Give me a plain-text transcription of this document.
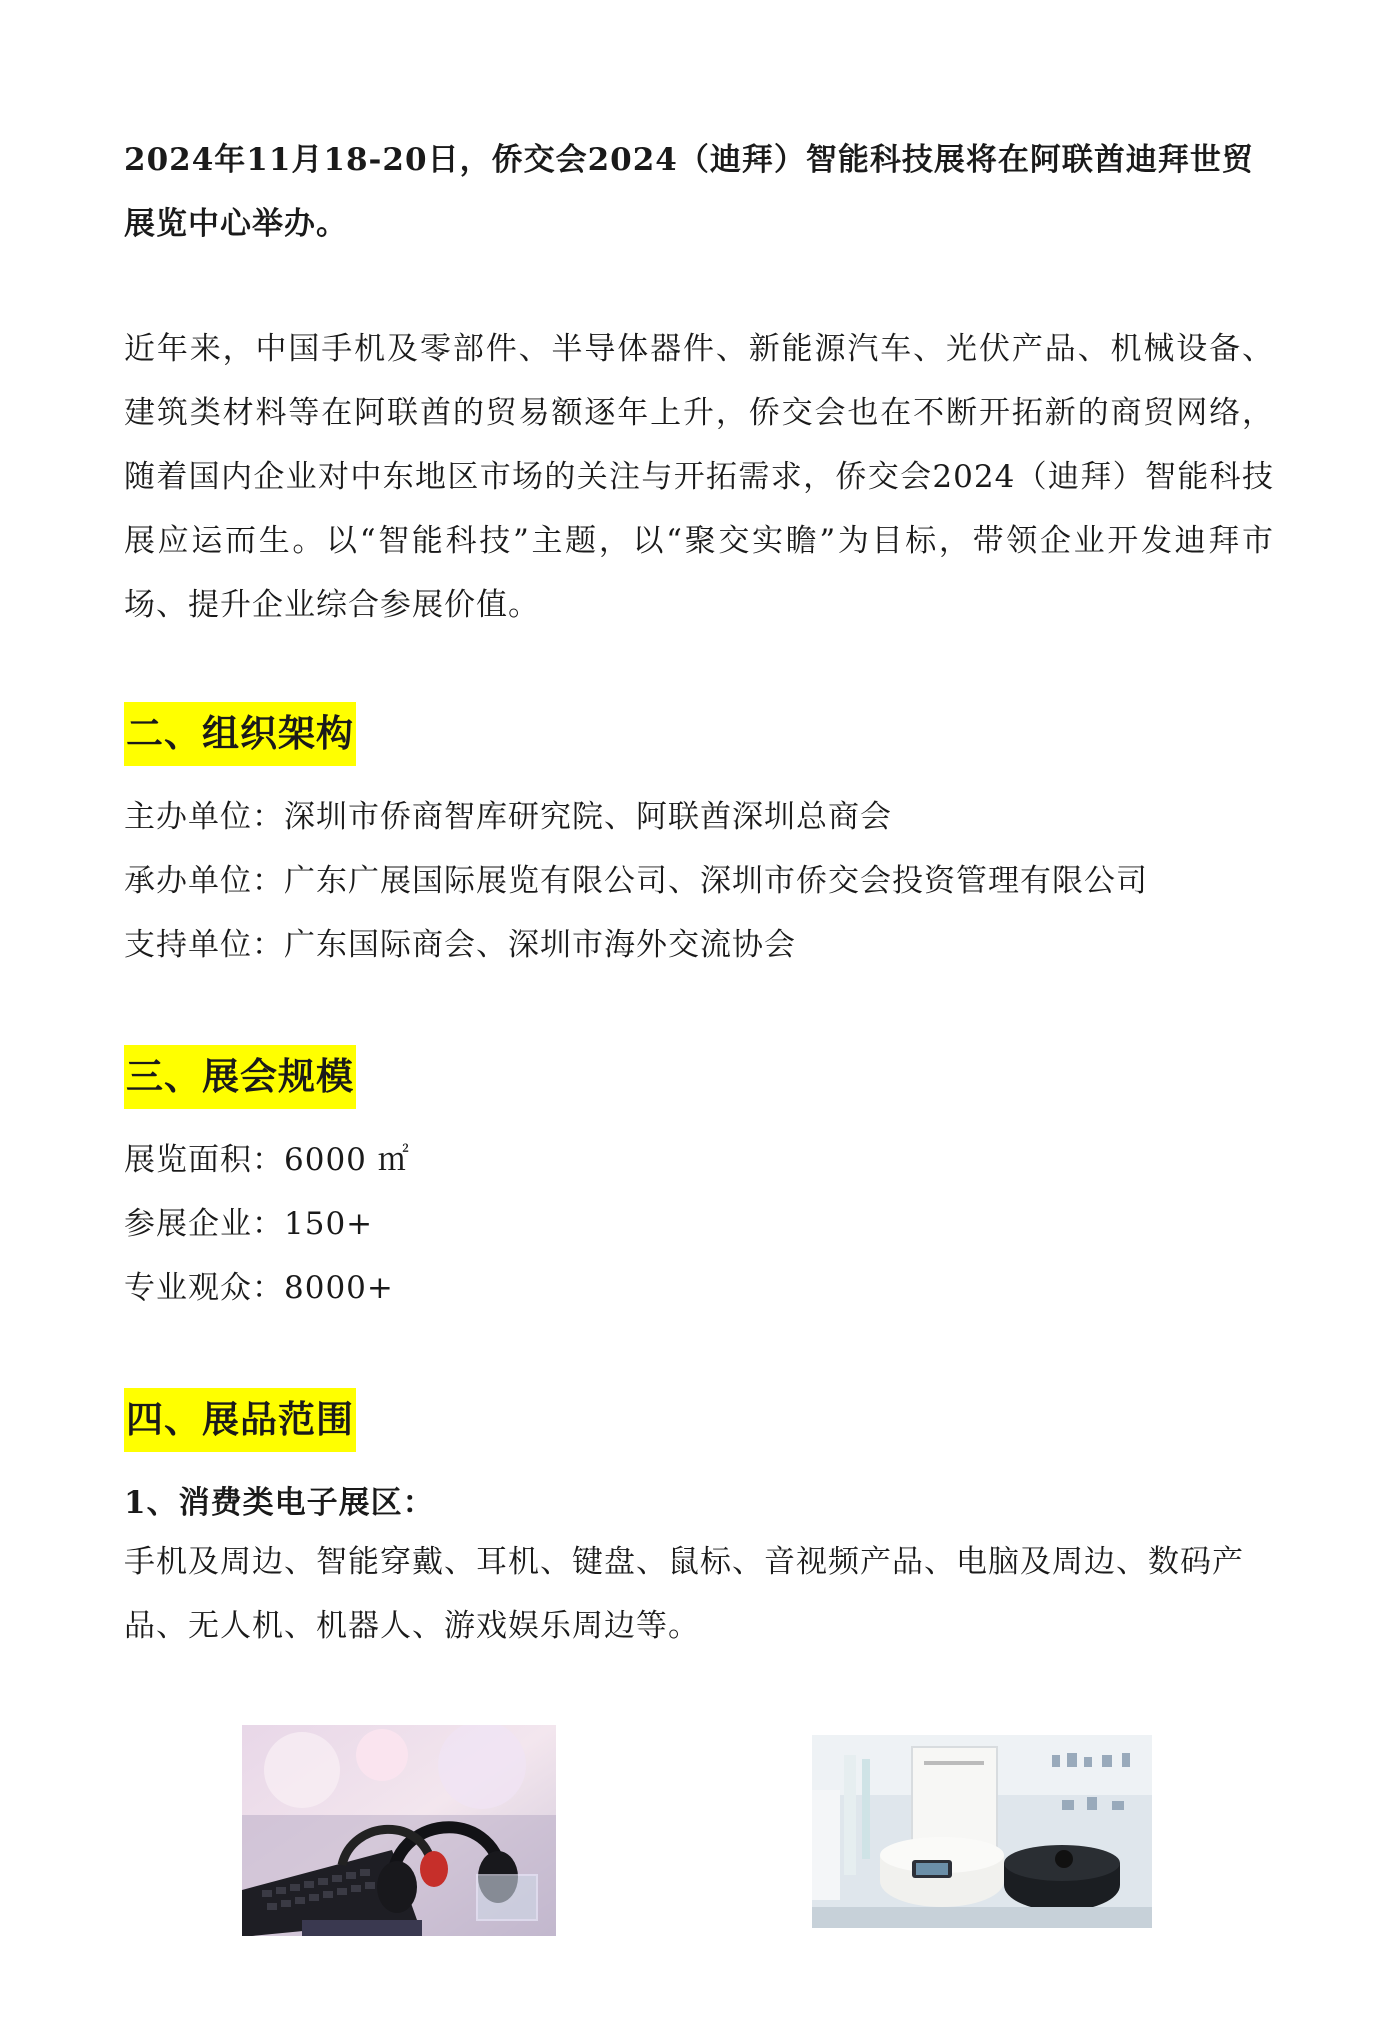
2024年11月18-20日，侨交会2024（迪拜）智能科技展将在阿联酋迪拜世贸展览中心举办。
近年来，中国手机及零部件、半导体器件、新能源汽车、光伏产品、机械设备、建筑类材料等在阿联酋的贸易额逐年上升，侨交会也在不断开拓新的商贸网络，随着国内企业对中东地区市场的关注与开拓需求，侨交会2024（迪拜）智能科技展应运而生。以“智能科技”主题，以“聚交实瞻”为目标，带领企业开发迪拜市场、提升企业综合参展价值。
二、组织架构
主办单位：深圳市侨商智库研究院、阿联酋深圳总商会
承办单位：广东广展国际展览有限公司、深圳市侨交会投资管理有限公司
支持单位：广东国际商会、深圳市海外交流协会
三、展会规模
展览面积：6000 ㎡
参展企业：150+
专业观众：8000+
四、展品范围
1、消费类电子展区：
手机及周边、智能穿戴、耳机、键盘、鼠标、音视频产品、电脑及周边、数码产品、无人机、机器人、游戏娱乐周边等。
